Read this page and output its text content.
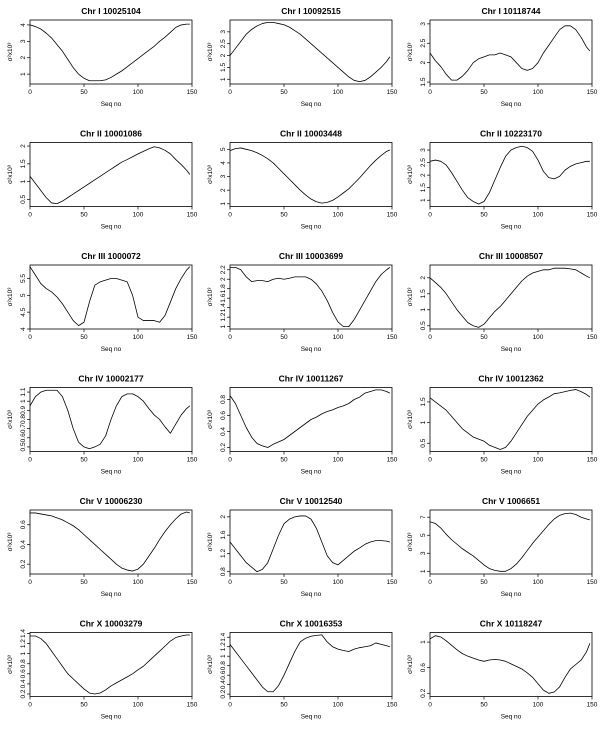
Chr I 10025104
0	50	100	150
1
2
3
4
Seq no
σ²x10³
Chr I 10092515
0	50	100	150
1
1.5
2
2.5
3
Seq no
σ²x10³
Chr I 10118744
0	50	100	150
1.5
2
2.5
3
Seq no
σ²x10³
Chr II 10001086
0	50	100	150
0.5
1
1.5
2
Seq no
σ²x10³
Chr II 10003448
0	50	100	150
1
2
3
4
5
Seq no
σ²x10³
Chr II 10223170
0	50	100	150
1
1.5
2
2.5
3
Seq no
σ²x10³
Chr III 1000072
0	50	100	150
4
4.5
5
5.5
Seq no
σ²x10³
Chr III 10003699
0	50	100	150
1
1.2
1.4
1.6
1.8
2
2.2
Seq no
σ²x10³
Chr III 10008507
0	50	100	150
0.5
1
1.5
2
Seq no
σ²x10³
Chr IV 10002177
0	50	100	150
0.5
0.6
0.7
0.8
0.9
1
1.1
Seq no
σ²x10³
Chr IV 10011267
0	50	100	150
0.2
0.4
0.6
0.8
Seq no
σ²x10³
Chr IV 10012362
0	50	100	150
0.5
1
1.5
Seq no
σ²x10³
Chr V 10006230
0	50	100	150
0.2
0.4
0.6
Seq no
σ²x10³
Chr V 10012540
0	50	100	150
0.8
1.2
1.6
2
Seq no
σ²x10³
Chr V 1006651
0	50	100	150
1
3
5
7
Seq no
σ²x10³
Chr X 10003279
0	50	100	150
0.2
0.4
0.6
0.8
1
1.2
1.4
Seq no
σ²x10³
Chr X 10016353
0	50	100	150
0.2
0.4
0.6
0.8
1
1.2
1.4
Seq no
σ²x10³
Chr X 10118247
0	50	100	150
0.2
0.6
1
Seq no
σ²x10³
